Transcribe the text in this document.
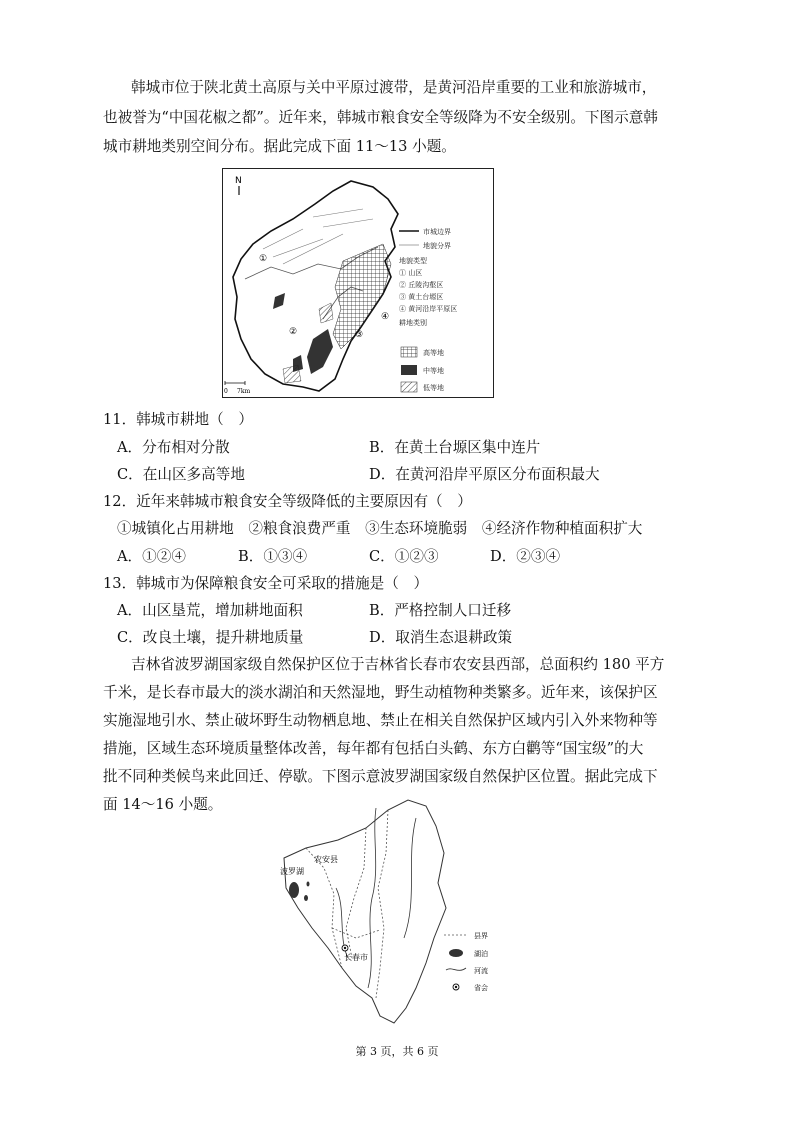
韩城市位于陕北黄土高原与关中平原过渡带，是黄河沿岸重要的工业和旅游城市，
也被誉为“中国花椒之都”。近年来，韩城市粮食安全等级降为不安全级别。下图示意韩
城市耕地类别空间分布。据此完成下面 11～13 小题。
N
①
②	③
④
0 7km
市城边界
地貌分界
地貌类型
① 山区
② 丘陵沟壑区
③ 黄土台塬区
④ 黄河沿岸平原区
耕地类别
高等地
中等地
低等地
11．韩城市耕地（　）
A．分布相对分散	B．在黄土台塬区集中连片
C．在山区多高等地	D．在黄河沿岸平原区分布面积最大
12．近年来韩城市粮食安全等级降低的主要原因有（　）
①城镇化占用耕地　②粮食浪费严重　③生态环境脆弱　④经济作物种植面积扩大
A．①②④	B．①③④	C．①②③	D．②③④
13．韩城市为保障粮食安全可采取的措施是（　）
A．山区垦荒，增加耕地面积	B．严格控制人口迁移
C．改良土壤，提升耕地质量	D．取消生态退耕政策
吉林省波罗湖国家级自然保护区位于吉林省长春市农安县西部，总面积约 180 平方
千米，是长春市最大的淡水湖泊和天然湿地，野生动植物种类繁多。近年来，该保护区
实施湿地引水、禁止破坏野生动物栖息地、禁止在相关自然保护区域内引入外来物种等
措施，区域生态环境质量整体改善，每年都有包括白头鹤、东方白鹳等“国宝级”的大
批不同种类候鸟来此回迁、停歇。下图示意波罗湖国家级自然保护区位置。据此完成下
面 14～16 小题。
波罗湖
农安县
长春市
县界
湖泊
河流
省会
第 3 页，共 6 页
